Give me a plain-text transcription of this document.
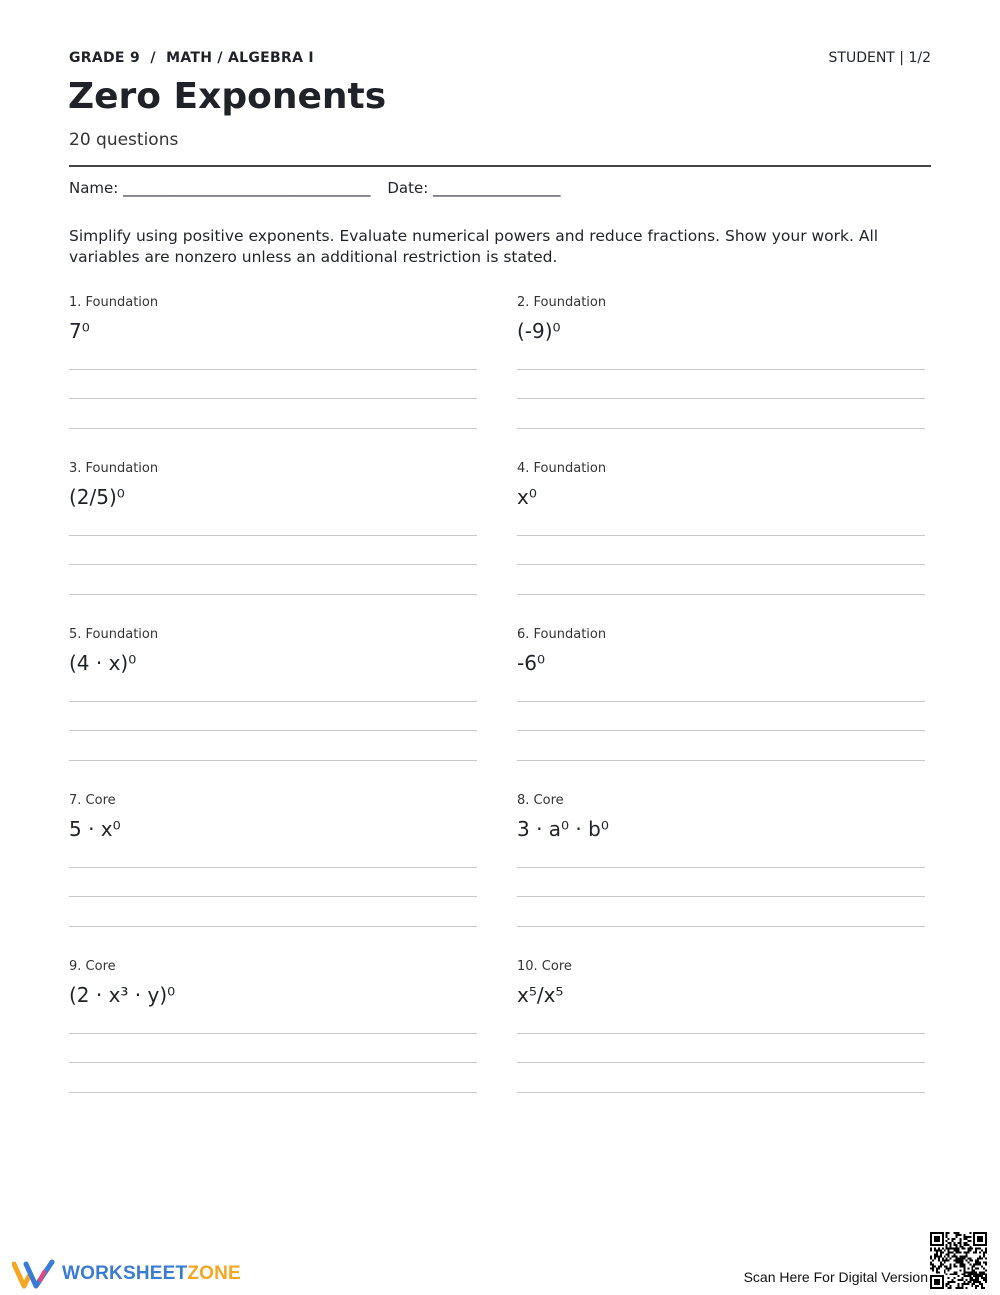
GRADE 9  /  MATH / ALGEBRA I	STUDENT | 1/2
Zero Exponents
20 questions
Name: _________________________________ Date: _________________
Simplify using positive exponents. Evaluate numerical powers and reduce fractions. Show your work. All variables are nonzero unless an additional restriction is stated.
1. Foundation
7⁰
2. Foundation
(-9)⁰
3. Foundation
(2/5)⁰
4. Foundation
x⁰
5. Foundation
(4 · x)⁰
6. Foundation
-6⁰
7. Core
5 · x⁰
8. Core
3 · a⁰ · b⁰
9. Core
(2 · x³ · y)⁰
10. Core
x⁵/x⁵
WORKSHEETZONE	Scan Here For Digital Version
